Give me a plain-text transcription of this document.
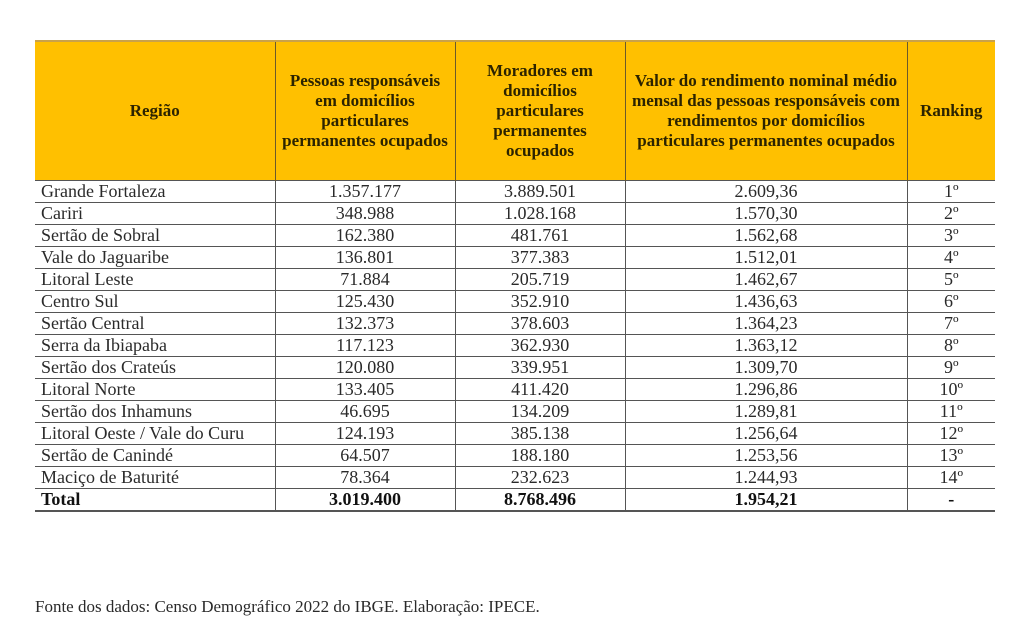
Região	Pessoas responsáveis em domicílios particulares permanentes ocupados	Moradores em domicílios particulares permanentes ocupados	Valor do rendimento nominal médio mensal das pessoas responsáveis com rendimentos por domicílios particulares permanentes ocupados	Ranking
Grande Fortaleza	1.357.177	3.889.501	2.609,36	1º
Cariri	348.988	1.028.168	1.570,30	2º
Sertão de Sobral	162.380	481.761	1.562,68	3º
Vale do Jaguaribe	136.801	377.383	1.512,01	4º
Litoral Leste	71.884	205.719	1.462,67	5º
Centro Sul	125.430	352.910	1.436,63	6º
Sertão Central	132.373	378.603	1.364,23	7º
Serra da Ibiapaba	117.123	362.930	1.363,12	8º
Sertão dos Crateús	120.080	339.951	1.309,70	9º
Litoral Norte	133.405	411.420	1.296,86	10º
Sertão dos Inhamuns	46.695	134.209	1.289,81	11º
Litoral Oeste / Vale do Curu	124.193	385.138	1.256,64	12º
Sertão de Canindé	64.507	188.180	1.253,56	13º
Maciço de Baturité	78.364	232.623	1.244,93	14º
Total	3.019.400	8.768.496	1.954,21	-
Fonte dos dados: Censo Demográfico 2022 do IBGE. Elaboração: IPECE.
